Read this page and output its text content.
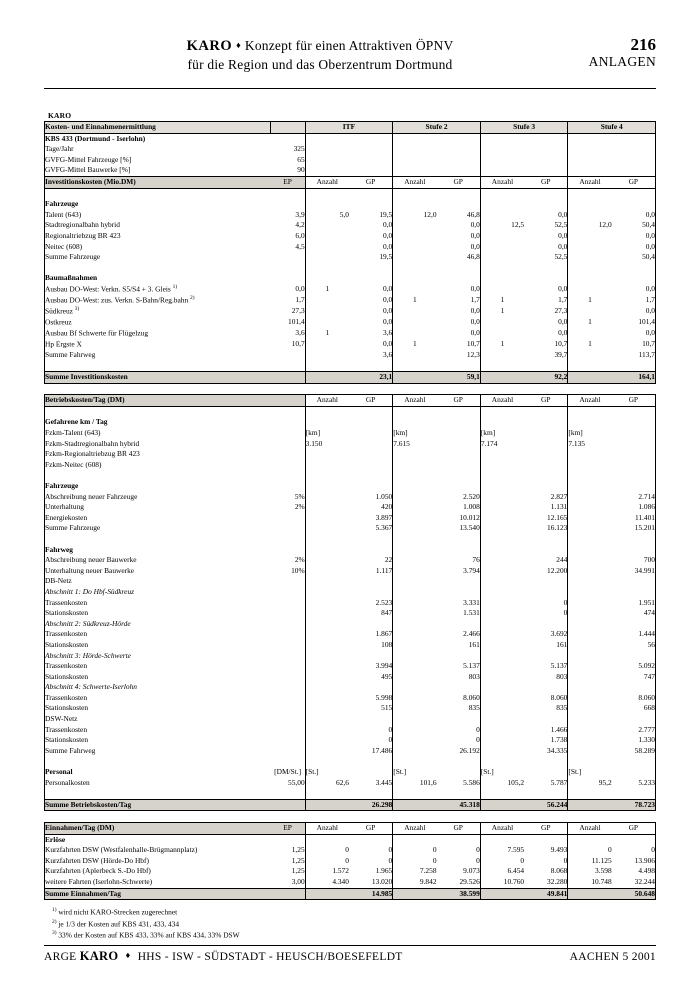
KARO ♦ Konzept für einen Attraktiven ÖPNV
für die Region und das Oberzentrum Dortmund
216
ANLAGEN
KARO
Kosten- und Einnahmenermittlung		ITF		Stufe 2		Stufe 3		Stufe 4	
KBS 433 (Dortmund - Iserlohn)									
Tage/Jahr	325								
GVFG-Mittel Fahrzeuge [%]	65								
GVFG-Mittel Bauwerke [%]	90								
Investitionskosten (Mio.DM)	EP	Anzahl	GP	Anzahl	GP	Anzahl	GP	Anzahl	GP

Fahrzeuge									
Talent (643)	3,9	5,0	19,5	12,0	46,8		0,0		0,0
Stadtregionalbahn hybrid	4,2		0,0		0,0	12,5	52,5	12,0	50,4
Regionaltriebzug BR 423	6,0		0,0		0,0		0,0		0,0
Neitec (608)	4,5		0,0		0,0		0,0		0,0
Summe Fahrzeuge			19,5		46,8		52,5		50,4

Baumaßnahmen									
Ausbau DO-West: Verkn. S5/S4 + 3. Gleis $^{1)}$	0,0	1	0,0		0,0		0,0		0,0
Ausbau DO-West: zus. Verkn. S-Bahn/Reg.bahn $^{2)}$	1,7		0,0	1	1,7	1	1,7	1	1,7
Südkreuz $^{3)}$	27,3		0,0		0,0	1	27,3		0,0
Ostkreuz	101,4		0,0		0,0		0,0	1	101,4
Ausbau Bf Schwerte für Flügelzug	3,6	1	3,6		0,0		0,0		0,0
Hp Ergste X	10,7		0,0	1	10,7	1	10,7	1	10,7
Summe Fahrweg			3,6		12,3		39,7		113,7

Summe Investitionskosten			23,1		59,1		92,2		164,1

Betriebskosten/Tag (DM)		Anzahl	GP	Anzahl	GP	Anzahl	GP	Anzahl	GP

Gefahrene km / Tag									
Fzkm-Talent (643)		[km]		[km]		[km]		[km]	
Fzkm-Stadtregionalbahn hybrid		3.150		7.615		7.174		7.135	
Fzkm-Regionaltriebzug BR 423									
Fzkm-Neitec (608)									

Fahrzeuge									
Abschreibung neuer Fahrzeuge	5%		1.050		2.520		2.827		2.714
Unterhaltung	2%		420		1.008		1.131		1.086
Energiekosten			3.897		10.012		12.165		11.401
Summe Fahrzeuge			5.367		13.540		16.123		15.201

Fahrweg									
Abschreibung neuer Bauwerke	2%		22		76		244		700
Unterhaltung neuer Bauwerke	10%		1.117		3.794		12.200		34.991
DB-Netz									
Abschnitt 1: Do Hbf-Südkreuz									
Trassenkosten			2.523		3.331		0		1.951
Stationskosten			847		1.531		0		474
Abschnitt 2: Südkreuz-Hörde									
Trassenkosten			1.867		2.466		3.692		1.444
Stationskosten			108		161		161		56
Abschnitt 3: Hörde-Schwerte									
Trassenkosten			3.994		5.137		5.137		5.092
Stationskosten			495		803		803		747
Abschnitt 4: Schwerte-Iserlohn									
Trassenkosten			5.998		8.060		8.060		8.060
Stationskosten			515		835		835		668
DSW-Netz									
Trassenkosten			0		0		1.466		2.777
Stationskosten			0		0		1.738		1.330
Summe Fahrweg			17.486		26.192		34.335		58.289

Personal	[DM/St.]	[St.]		[St.]		[St.]		[St.]	
Personalkosten	55,00	62,6	3.445	101,6	5.586	105,2	5.787	95,2	5.233

Summe Betriebskosten/Tag			26.298		45.318		56.244		78.723

Einnahmen/Tag (DM)	EP	Anzahl	GP	Anzahl	GP	Anzahl	GP	Anzahl	GP
Erlöse									
Kurzfahrten DSW (Westfalenhalle-Brügmannplatz)	1,25	0	0	0	0	7.595	9.493	0	0
Kurzfahrten DSW (Hörde-Do Hbf)	1,25	0	0	0	0	0	0	11.125	13.906
Kurzfahrten (Aplerbeck S.-Do Hbf)	1,25	1.572	1.965	7.258	9.073	6.454	8.068	3.598	4.498
weitere Fahrten (Iserlohn-Schwerte)	3,00	4.340	13.020	9.842	29.526	10.760	32.280	10.748	32.244
Summe Einnahmen/Tag			14.985		38.599		49.841		50.648
$^{1)}$ wird nicht KARO-Strecken zugerechnet
$^{2)}$ je 1/3 der Kosten auf KBS 431, 433, 434
$^{3)}$ 33% der Kosten auf KBS 433, 33% auf KBS 434, 33% DSW
ARGE KARO ♦ HHS - ISW - SÜDSTADT - HEUSCH/BOESEFELDT	AACHEN 5 2001
